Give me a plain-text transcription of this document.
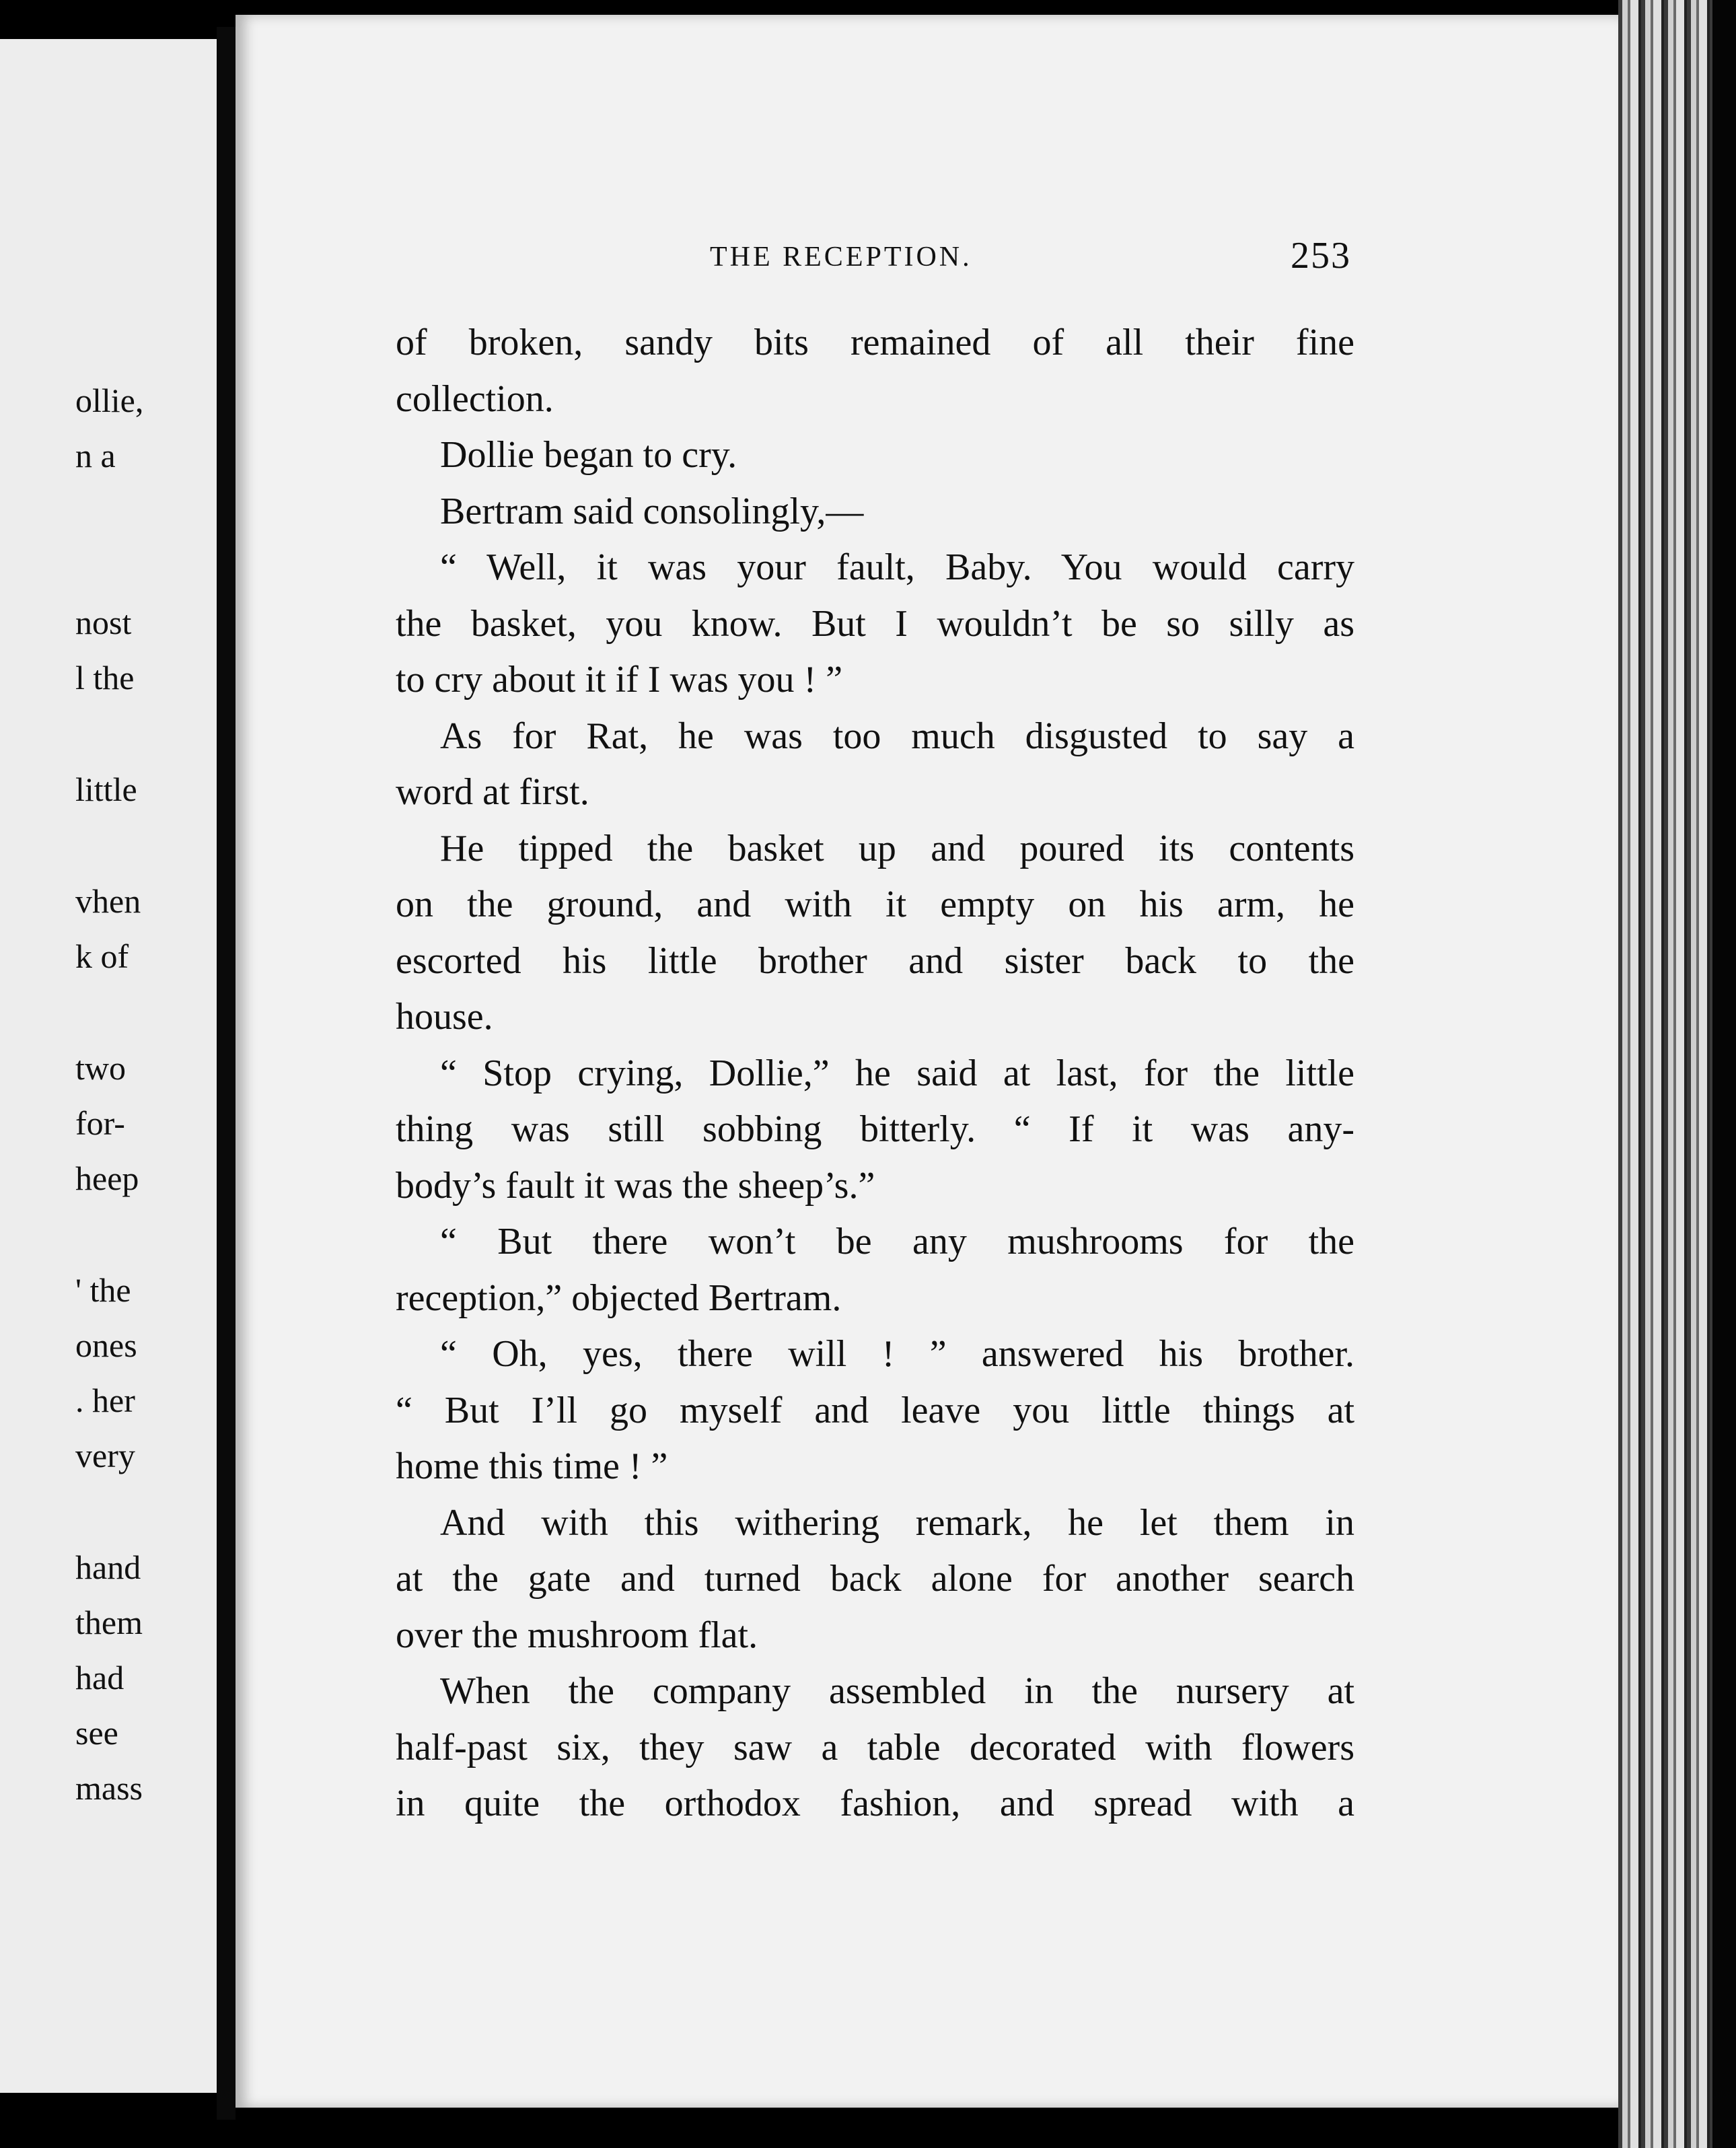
ollie,
n a
nost
l the
little
vhen
k of
two
for-
heep
' the
ones
. her
very
hand
them
had
see
mass
THE RECEPTION.	253
of broken, sandy bits remained of all their fine
collection.
Dollie began to cry.
Bertram said consolingly,—
“ Well, it was your fault, Baby. You would carry
the basket, you know. But I wouldn’t be so silly as
to cry about it if I was you ! ”
As for Rat, he was too much disgusted to say a
word at first.
He tipped the basket up and poured its contents
on the ground, and with it empty on his arm, he
escorted his little brother and sister back to the
house.
“ Stop crying, Dollie,” he said at last, for the little
thing was still sobbing bitterly. “ If it was any-
body’s fault it was the sheep’s.”
“ But there won’t be any mushrooms for the
reception,” objected Bertram.
“ Oh, yes, there will ! ” answered his brother.
“ But I’ll go myself and leave you little things at
home this time ! ”
And with this withering remark, he let them in
at the gate and turned back alone for another search
over the mushroom flat.
When the company assembled in the nursery at
half-past six, they saw a table decorated with flowers
in quite the orthodox fashion, and spread with a
